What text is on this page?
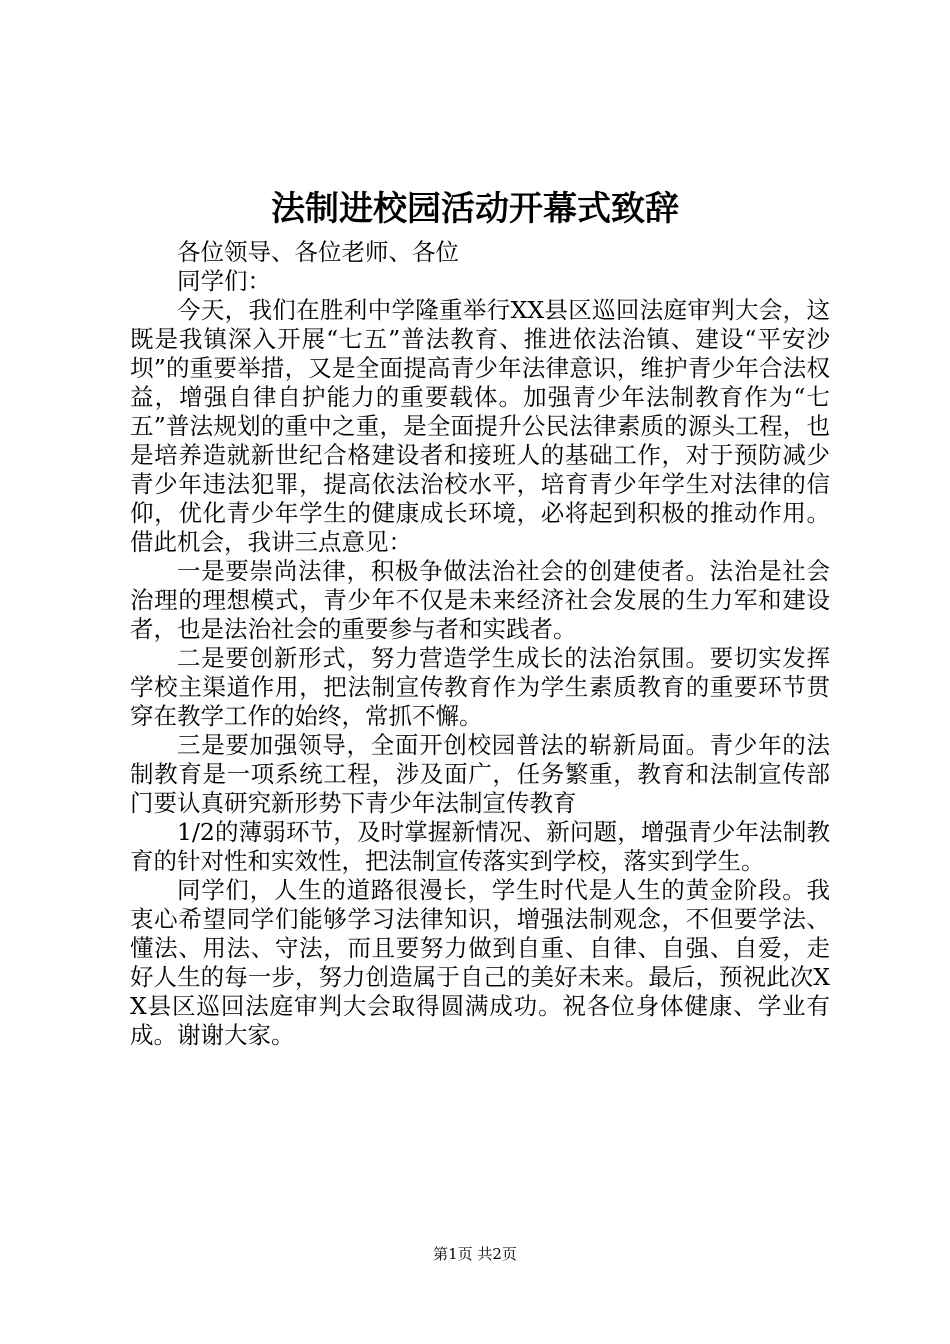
法制进校园活动开幕式致辞

各位领导、各位老师、各位

同学们：

今天，我们在胜利中学隆重举行XX县区巡回法庭审判大会，这既是我镇深入开展“七五”普法教育、推进依法治镇、建设“平安沙坝”的重要举措，又是全面提高青少年法律意识，维护青少年合法权益，增强自律自护能力的重要载体。加强青少年法制教育作为“七五”普法规划的重中之重，是全面提升公民法律素质的源头工程，也是培养造就新世纪合格建设者和接班人的基础工作，对于预防减少青少年违法犯罪，提高依法治校水平，培育青少年学生对法律的信仰，优化青少年学生的健康成长环境，必将起到积极的推动作用。借此机会，我讲三点意见：

一是要崇尚法律，积极争做法治社会的创建使者。法治是社会治理的理想模式，青少年不仅是未来经济社会发展的生力军和建设者，也是法治社会的重要参与者和实践者。

二是要创新形式，努力营造学生成长的法治氛围。要切实发挥学校主渠道作用，把法制宣传教育作为学生素质教育的重要环节贯穿在教学工作的始终，常抓不懈。

三是要加强领导，全面开创校园普法的崭新局面。青少年的法制教育是一项系统工程，涉及面广，任务繁重，教育和法制宣传部门要认真研究新形势下青少年法制宣传教育

1/2的薄弱环节，及时掌握新情况、新问题，增强青少年法制教育的针对性和实效性，把法制宣传落实到学校，落实到学生。

同学们，人生的道路很漫长，学生时代是人生的黄金阶段。我衷心希望同学们能够学习法律知识，增强法制观念，不但要学法、懂法、用法、守法，而且要努力做到自重、自律、自强、自爱，走好人生的每一步，努力创造属于自己的美好未来。最后，预祝此次XX县区巡回法庭审判大会取得圆满成功。祝各位身体健康、学业有成。谢谢大家。

第1页 共2页
